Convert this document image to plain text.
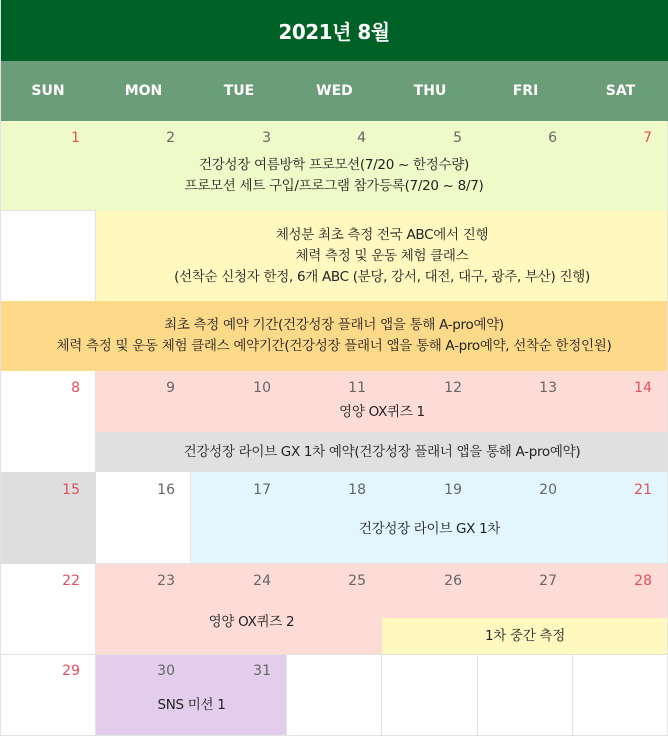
2021년 8월
SUN	MON	TUE	WED	THU	FRI	SAT
1	2	3	4	5	6	7
8	9	10	11	12	13	14
15	16	17	18	19	20	21
22	23	24	25	26	27	28
29	30	31
건강성장 여름방학 프로모션(7/20 ~ 한정수량)
프로모션 세트 구입/프로그램 참가등록(7/20 ~ 8/7)
체성분 최초 측정 전국 ABC에서 진행
체력 측정 및 운동 체험 클래스
(선착순 신청자 한정, 6개 ABC (분당, 강서, 대전, 대구, 광주, 부산) 진행)
최초 측정 예약 기간(건강성장 플래너 앱을 통해 A-pro예약)
체력 측정 및 운동 체험 클래스 예약기간(건강성장 플래너 앱을 통해 A-pro예약, 선착순 한정인원)
영양 OX퀴즈 1
건강성장 라이브 GX 1차 예약(건강성장 플래너 앱을 통해 A-pro예약)
건강성장 라이브 GX 1차
SNS 미션 1
영양 OX퀴즈 2
1차 중간 측정
